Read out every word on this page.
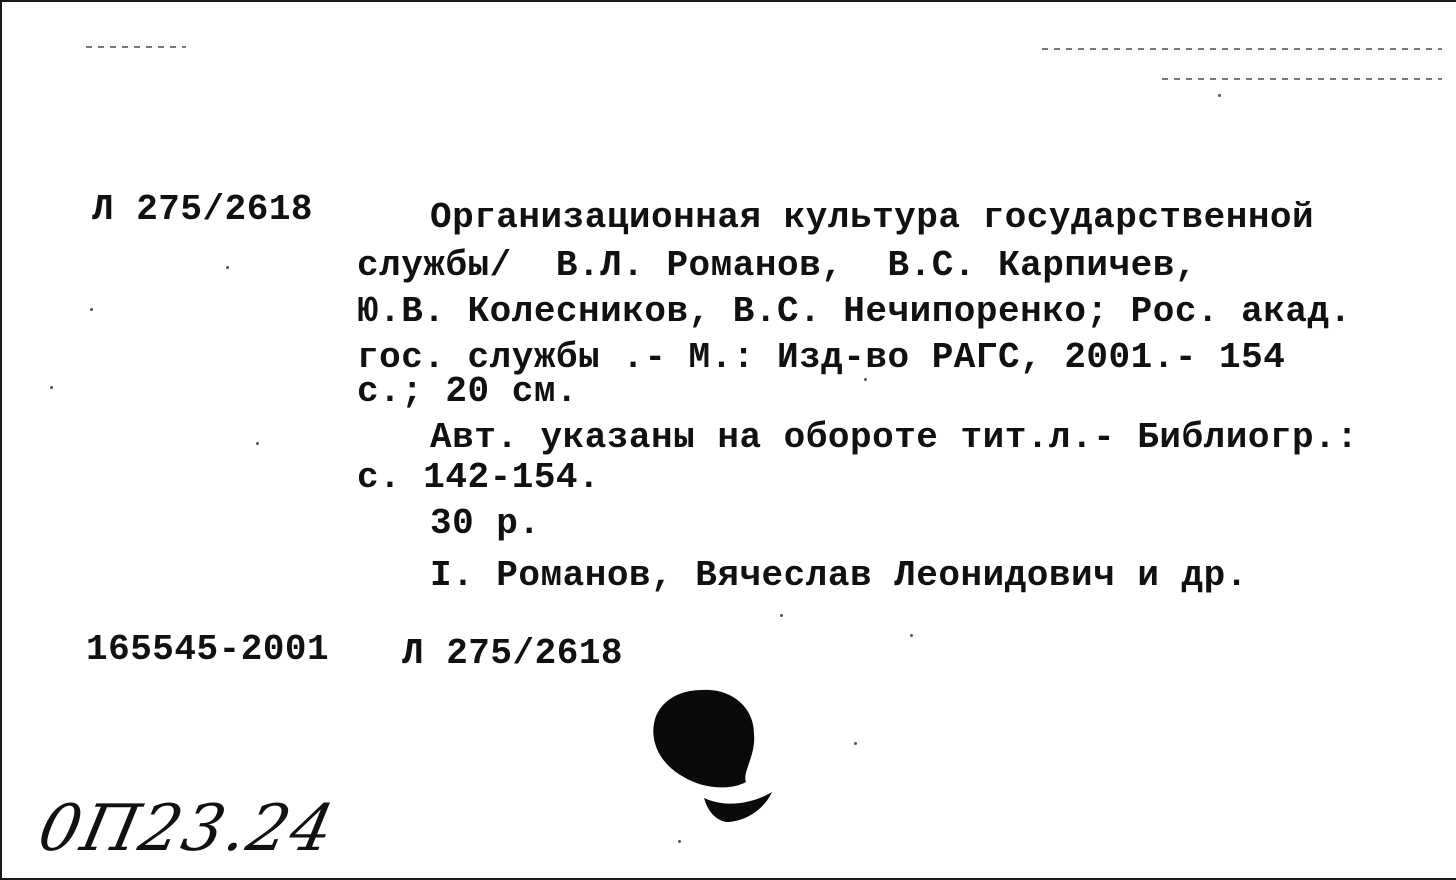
Л 275/2618	Организационная культура государственной
службы/  В.Л. Романов,  В.С. Карпичев,
Ю.В. Колесников, В.С. Нечипоренко; Рос. акад.
гос. службы .- М.: Изд-во РАГС, 2001.- 154
с.; 20 см.
Авт. указаны на обороте тит.л.- Библиогр.:
с. 142-154.
30 р.
I. Романов, Вячеслав Леонидович и др.
165545-2001 Л 275/2618
0П23.24
